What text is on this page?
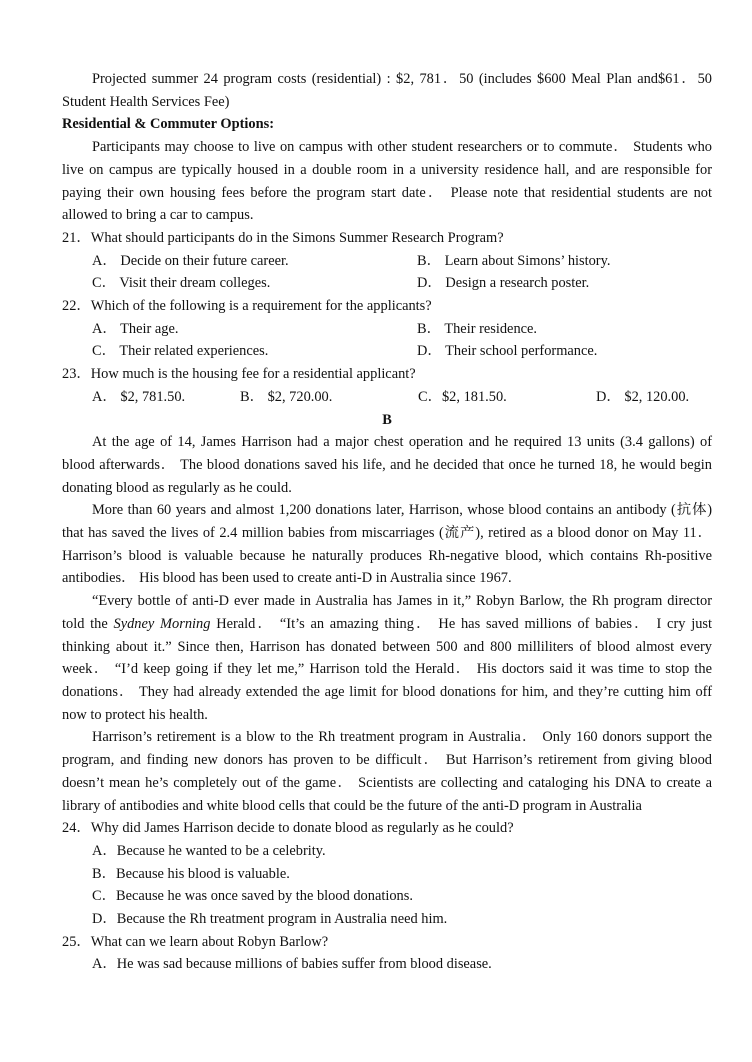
Projected summer 24 program costs (residential) : $2, 781．50 (includes $600 Meal Plan and$61．50 Student Health Services Fee)

Residential & Commuter Options:

Participants may choose to live on campus with other student researchers or to commute． Students who live on campus are typically housed in a double room in a university residence hall, and are responsible for paying their own housing fees before the program start date． Please note that residential students are not allowed to bring a car to campus.

21．What should participants do in the Simons Summer Research Program?
A． Decide on their future career.	B． Learn about Simons’ history.
C． Visit their dream colleges.	D． Design a research poster.
22．Which of the following is a requirement for the applicants?
A． Their age.	B． Their residence.
C． Their related experiences.	D． Their school performance.
23．How much is the housing fee for a residential applicant?
A． $2, 781.50.	B． $2, 720.00.	C．$2, 181.50.	D． $2, 120.00.
B

At the age of 14, James Harrison had a major chest operation and he required 13 units (3.4 gallons) of blood afterwards． The blood donations saved his life, and he decided that once he turned 18, he would begin donating blood as regularly as he could.

More than 60 years and almost 1,200 donations later, Harrison, whose blood contains an antibody (抗体) that has saved the lives of 2.4 million babies from miscarriages (流产), retired as a blood donor on May 11． Harrison’s blood is valuable because he naturally produces Rh-negative blood, which contains Rh-positive antibodies． His blood has been used to create anti-D in Australia since 1967.

“Every bottle of anti-D ever made in Australia has James in it,” Robyn Barlow, the Rh program director told the Sydney Morning Herald． “It’s an amazing thing． He has saved millions of babies． I cry just thinking about it.” Since then, Harrison has donated between 500 and 800 milliliters of blood almost every week． “I’d keep going if they let me,” Harrison told the Herald． His doctors said it was time to stop the donations． They had already extended the age limit for blood donations for him, and they’re cutting him off now to protect his health.

Harrison’s retirement is a blow to the Rh treatment program in Australia． Only 160 donors support the program, and finding new donors has proven to be difficult． But Harrison’s retirement from giving blood doesn’t mean he’s completely out of the game． Scientists are collecting and cataloging his DNA to create a library of antibodies and white blood cells that could be the future of the anti-D program in Australia

24．Why did James Harrison decide to donate blood as regularly as he could?
A．Because he wanted to be a celebrity.
B．Because his blood is valuable.
C．Because he was once saved by the blood donations.
D．Because the Rh treatment program in Australia need him.
25．What can we learn about Robyn Barlow?
A．He was sad because millions of babies suffer from blood disease.
